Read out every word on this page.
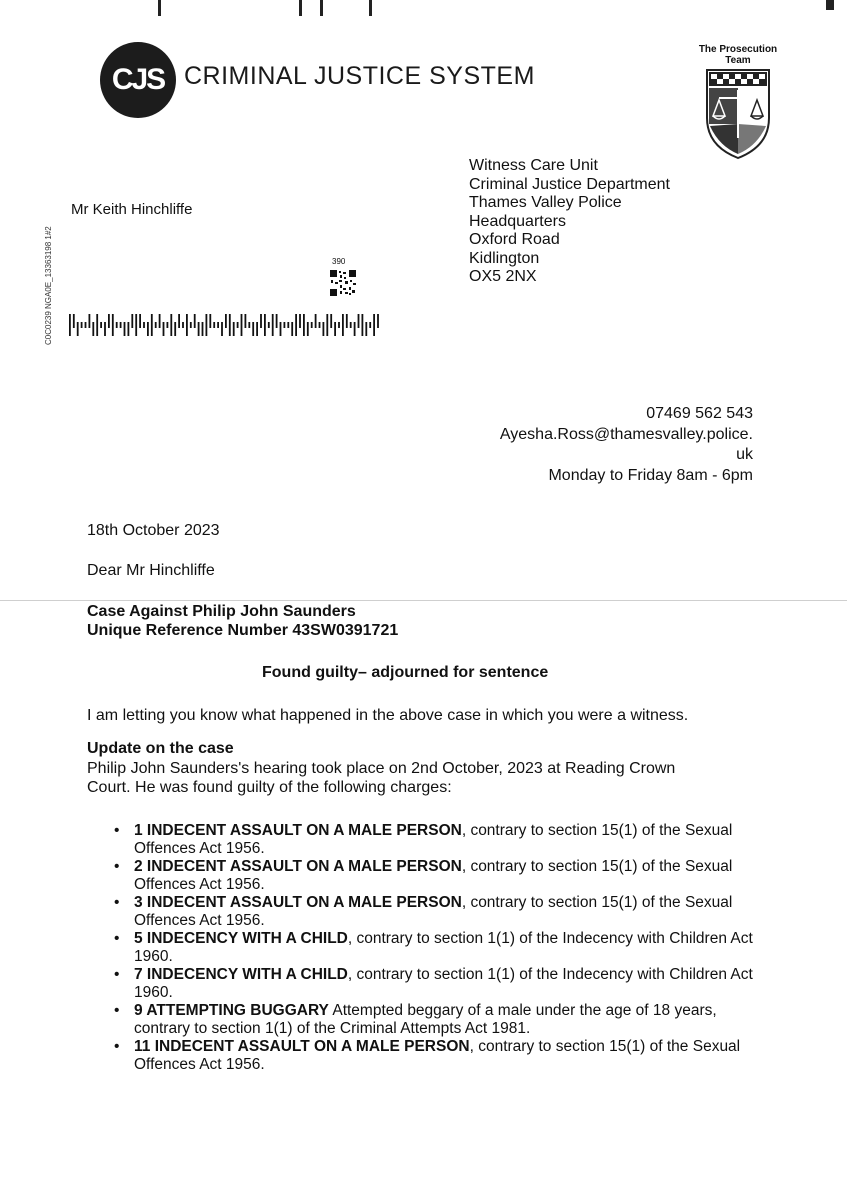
CJS CRIMINAL JUSTICE SYSTEM
The Prosecution Team
C0C0239 NGA0E_13363198 1#2
Mr Keith Hinchliffe
390
Witness Care Unit
Criminal Justice Department
Thames Valley Police
Headquarters
Oxford Road
Kidlington
OX5 2NX
07469 562 543
Ayesha.Ross@thamesvalley.police.
uk
Monday to Friday 8am - 6pm
18th October 2023
Dear Mr Hinchliffe
Case Against Philip John Saunders
Unique Reference Number 43SW0391721
Found guilty– adjourned for sentence
I am letting you know what happened in the above case in which you were a witness.
Update on the case
Philip John Saunders's hearing took place on 2nd October, 2023 at Reading Crown
Court. He was found guilty of the following charges:
• 1 INDECENT ASSAULT ON A MALE PERSON, contrary to section 15(1) of the Sexual Offences Act 1956.
• 2 INDECENT ASSAULT ON A MALE PERSON, contrary to section 15(1) of the Sexual Offences Act 1956.
• 3 INDECENT ASSAULT ON A MALE PERSON, contrary to section 15(1) of the Sexual Offences Act 1956.
• 5 INDECENCY WITH A CHILD, contrary to section 1(1) of the Indecency with Children Act 1960.
• 7 INDECENCY WITH A CHILD, contrary to section 1(1) of the Indecency with Children Act 1960.
• 9 ATTEMPTING BUGGARY Attempted beggary of a male under the age of 18 years, contrary to section 1(1) of the Criminal Attempts Act 1981.
• 11 INDECENT ASSAULT ON A MALE PERSON, contrary to section 15(1) of the Sexual Offences Act 1956.
